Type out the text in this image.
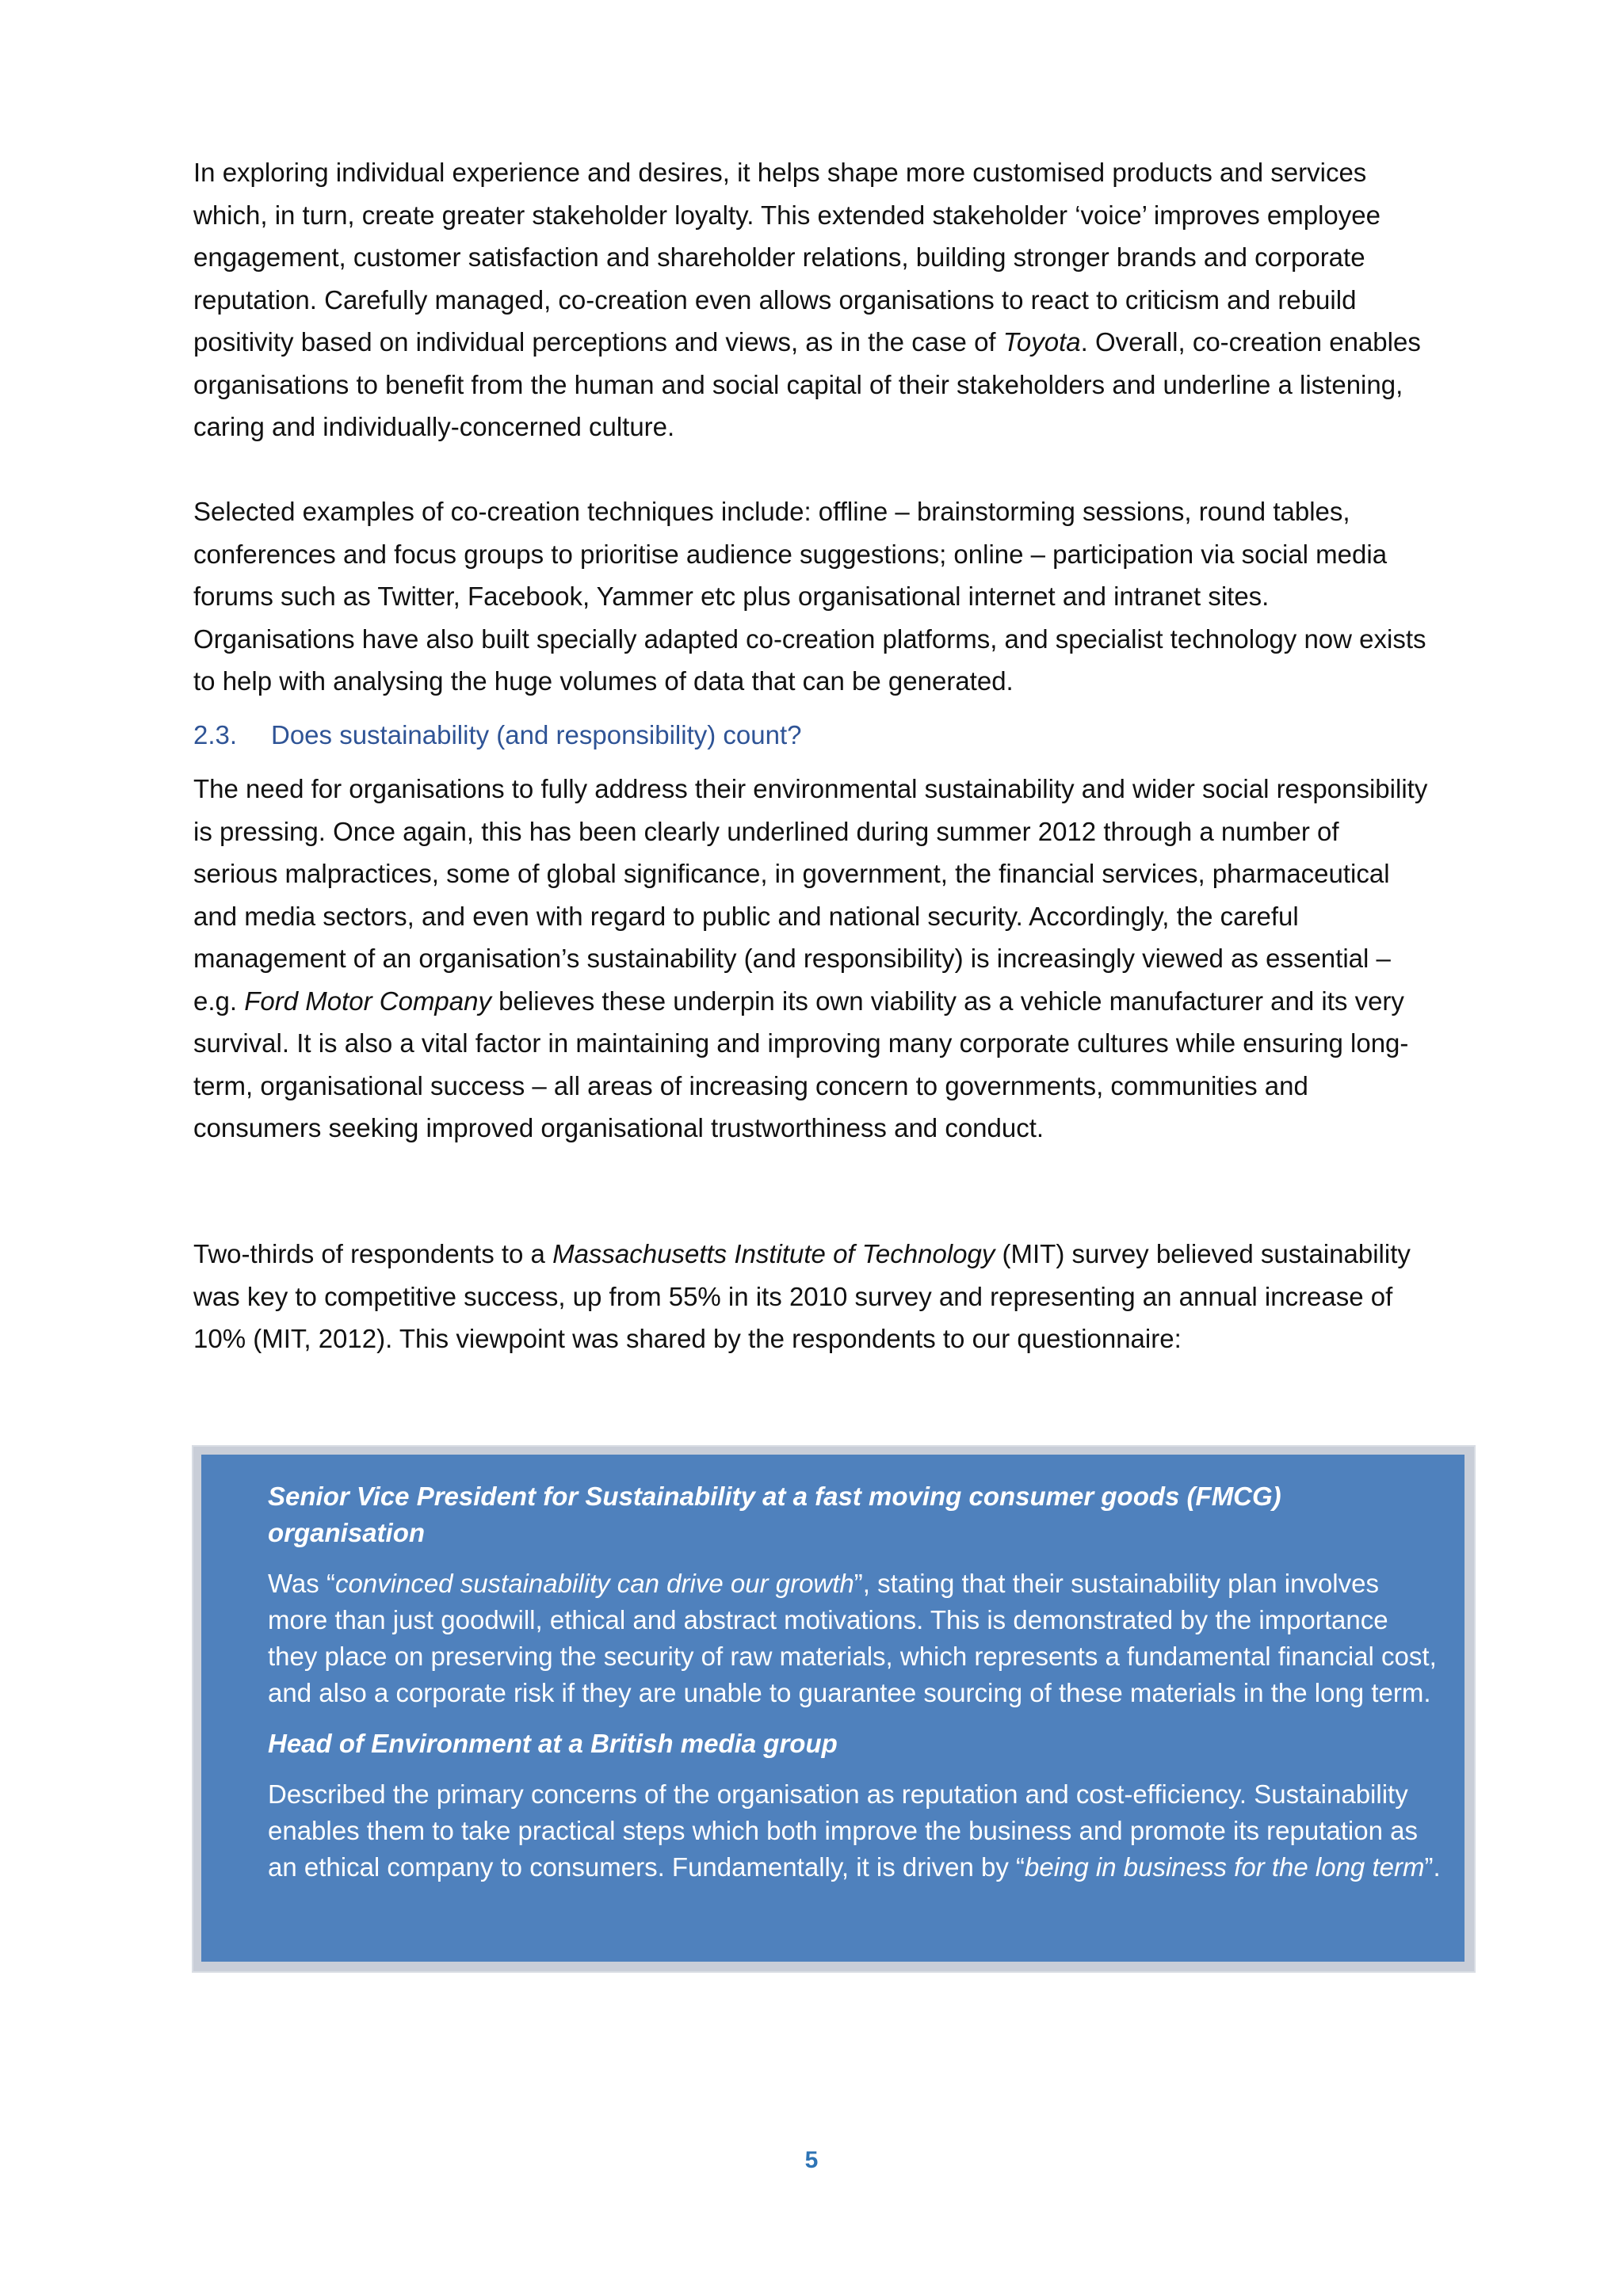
In exploring individual experience and desires, it helps shape more customised products and services which, in turn, create greater stakeholder loyalty. This extended stakeholder ‘voice’ improves employee engagement, customer satisfaction and shareholder relations, building stronger brands and corporate reputation. Carefully managed, co-creation even allows organisations to react to criticism and rebuild positivity based on individual perceptions and views, as in the case of Toyota. Overall, co-creation enables organisations to benefit from the human and social capital of their stakeholders and underline a listening, caring and individually-concerned culture.

Selected examples of co-creation techniques include: offline – brainstorming sessions, round tables, conferences and focus groups to prioritise audience suggestions; online – participation via social media forums such as Twitter, Facebook, Yammer etc plus organisational internet and intranet sites. Organisations have also built specially adapted co-creation platforms, and specialist technology now exists to help with analysing the huge volumes of data that can be generated.

2.3. Does sustainability (and responsibility) count?

The need for organisations to fully address their environmental sustainability and wider social responsibility is pressing. Once again, this has been clearly underlined during summer 2012 through a number of serious malpractices, some of global significance, in government, the financial services, pharmaceutical and media sectors, and even with regard to public and national security. Accordingly, the careful management of an organisation’s sustainability (and responsibility) is increasingly viewed as essential – e.g. Ford Motor Company believes these underpin its own viability as a vehicle manufacturer and its very survival. It is also a vital factor in maintaining and improving many corporate cultures while ensuring long-term, organisational success – all areas of increasing concern to governments, communities and consumers seeking improved organisational trustworthiness and conduct.

Two-thirds of respondents to a Massachusetts Institute of Technology (MIT) survey believed sustainability was key to competitive success, up from 55% in its 2010 survey and representing an annual increase of 10% (MIT, 2012). This viewpoint was shared by the respondents to our questionnaire:

Senior Vice President for Sustainability at a fast moving consumer goods (FMCG) organisation

Was “convinced sustainability can drive our growth”, stating that their sustainability plan involves more than just goodwill, ethical and abstract motivations. This is demonstrated by the importance they place on preserving the security of raw materials, which represents a fundamental financial cost, and also a corporate risk if they are unable to guarantee sourcing of these materials in the long term.

Head of Environment at a British media group

Described the primary concerns of the organisation as reputation and cost-efficiency. Sustainability enables them to take practical steps which both improve the business and promote its reputation as an ethical company to consumers. Fundamentally, it is driven by “being in business for the long term”.

5
